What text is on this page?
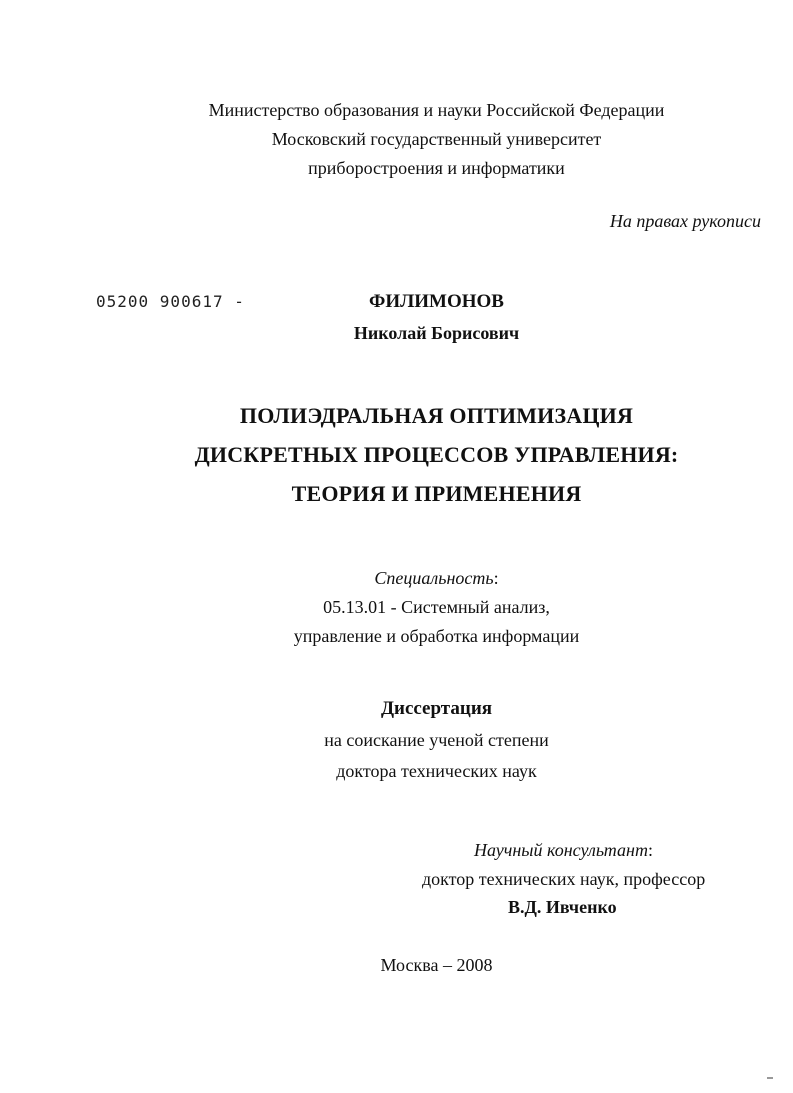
Министерство образования и науки Российской Федерации
Московский государственный университет
приборостроения и информатики
На правах рукописи
05200 900617 -	ФИЛИМОНОВ
Николай Борисович
ПОЛИЭДРАЛЬНАЯ ОПТИМИЗАЦИЯ
ДИСКРЕТНЫХ ПРОЦЕССОВ УПРАВЛЕНИЯ:
ТЕОРИЯ И ПРИМЕНЕНИЯ
Специальность:
05.13.01 - Системный анализ,
управление и обработка информации
Диссертация
на соискание ученой степени
доктора технических наук
Научный консультант:
доктор технических наук, профессор
В.Д. Ивченко
Москва – 2008
